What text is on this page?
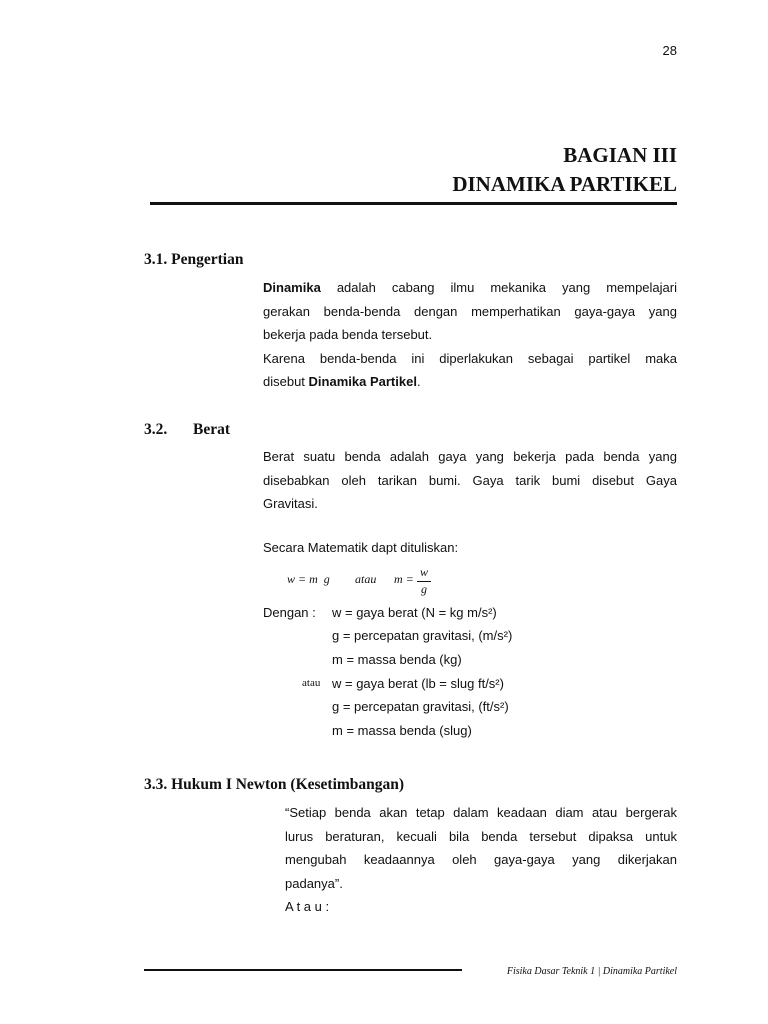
28
BAGIAN III
DINAMIKA PARTIKEL
3.1. Pengertian
Dinamika adalah cabang ilmu mekanika yang mempelajari
gerakan benda-benda dengan memperhatikan gaya-gaya yang
bekerja pada benda tersebut.
Karena benda-benda ini diperlakukan sebagai partikel maka
disebut Dinamika Partikel.
3.2. Berat
Berat suatu benda adalah gaya yang bekerja pada benda yang
disebabkan oleh tarikan bumi. Gaya tarik bumi disebut Gaya
Gravitasi.
Secara Matematik dapt dituliskan:
w = m  g atau m = w
g
Dengan : w = gaya berat (N = kg m/s²)
g = percepatan gravitasi, (m/s²)
m = massa benda (kg)
atau w = gaya berat (lb = slug ft/s²)
g = percepatan gravitasi, (ft/s²)
m = massa benda (slug)
3.3. Hukum I Newton (Kesetimbangan)
“Setiap benda akan tetap dalam keadaan diam atau bergerak
lurus beraturan, kecuali bila benda tersebut dipaksa untuk
mengubah keadaannya oleh gaya-gaya yang dikerjakan
padanya”.
A t a u :
Fisika Dasar Teknik 1 | Dinamika Partikel
